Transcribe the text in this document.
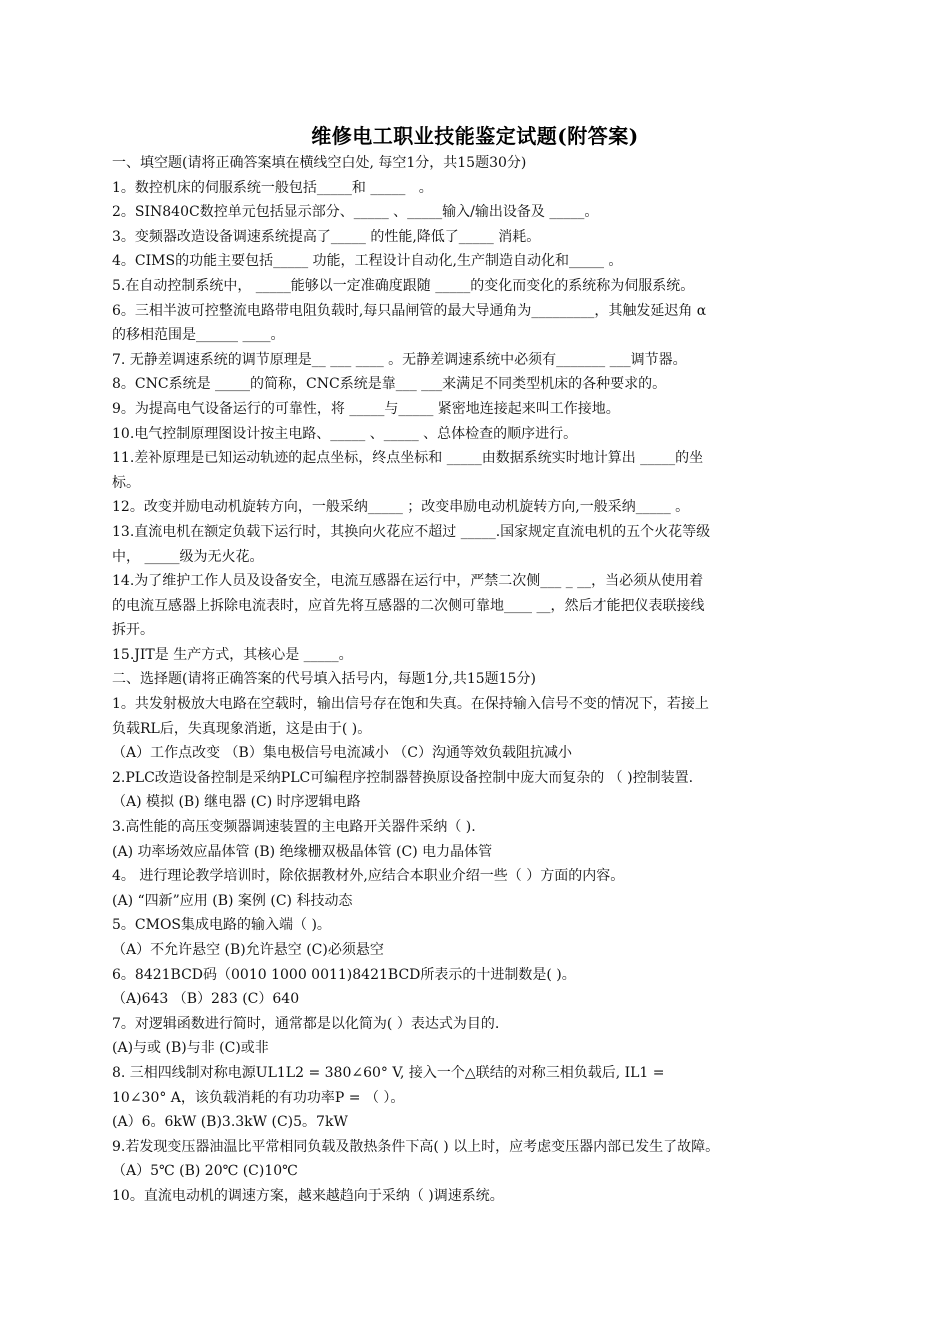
维修电工职业技能鉴定试题(附答案)
一、填空题(请将正确答案填在横线空白处, 每空1分，共15题30分)
1。数控机床的伺服系统一般包括_____和 _____   。
2。SIN840C数控单元包括显示部分、_____ 、_____输入/输出设备及 _____。
3。变频器改造设备调速系统提高了_____ 的性能,降低了_____ 消耗。
4。CIMS的功能主要包括_____ 功能，工程设计自动化,生产制造自动化和_____ 。
5.在自动控制系统中， _____能够以一定准确度跟随 _____的变化而变化的系统称为伺服系统。
6。三相半波可控整流电路带电阻负载时,每只晶闸管的最大导通角为_________，其触发延迟角 α
的移相范围是______ ____。
7. 无静差调速系统的调节原理是__ ___ ____ 。无静差调速系统中必须有_______ ___调节器。
8。CNC系统是 _____的简称，CNC系统是靠___ ___来满足不同类型机床的各种要求的。
9。为提高电气设备运行的可靠性，将 _____与_____ 紧密地连接起来叫工作接地。
10.电气控制原理图设计按主电路、_____ 、_____ 、总体检查的顺序进行。
11.差补原理是已知运动轨迹的起点坐标，终点坐标和 _____由数据系统实时地计算出 _____的坐
标。
12。改变并励电动机旋转方向，一般采纳_____ ；改变串励电动机旋转方向,一般采纳_____ 。
13.直流电机在额定负载下运行时，其换向火花应不超过 _____.国家规定直流电机的五个火花等级
中， _____级为无火花。
14.为了维护工作人员及设备安全，电流互感器在运行中，严禁二次侧___ _ __，当必须从使用着
的电流互感器上拆除电流表时，应首先将互感器的二次侧可靠地____ __，然后才能把仪表联接线
拆开。
15.JIT是 生产方式，其核心是 _____。
二、选择题(请将正确答案的代号填入括号内，每题1分,共15题15分)
1。共发射极放大电路在空载时，输出信号存在饱和失真。在保持输入信号不变的情况下，若接上
负载RL后，失真现象消逝，这是由于( )。
（A）工作点改变 （B）集电极信号电流减小 （C）沟通等效负载阻抗减小
2.PLC改造设备控制是采纳PLC可编程序控制器替换原设备控制中庞大而复杂的 （ )控制装置.
（A) 模拟 (B) 继电器 (C) 时序逻辑电路
3.高性能的高压变频器调速装置的主电路开关器件采纳（ ).
(A) 功率场效应晶体管 (B) 绝缘栅双极晶体管 (C) 电力晶体管
4。 进行理论教学培训时，除依据教材外,应结合本职业介绍一些（ ）方面的内容。
(A) “四新”应用 (B) 案例 (C) 科技动态
5。CMOS集成电路的输入端（ )。
（A）不允许悬空 (B)允许悬空 (C)必须悬空
6。8421BCD码（0010 1000 0011)8421BCD所表示的十进制数是( )。
（A)643 （B）283 (C）640
7。对逻辑函数进行简时，通常都是以化简为( ）表达式为目的.
(A)与或 (B)与非 (C)或非
8. 三相四线制对称电源UL1L2 = 380∠60° V, 接入一个△联结的对称三相负载后, IL1 =
10∠30° A，该负载消耗的有功功率P = （ ）。
(A）6。6kW (B)3.3kW (C)5。7kW
9.若发现变压器油温比平常相同负载及散热条件下高( ) 以上时，应考虑变压器内部已发生了故障。
（A）5℃ (B) 20℃ (C)10℃
10。直流电动机的调速方案，越来越趋向于采纳（ )调速系统。
